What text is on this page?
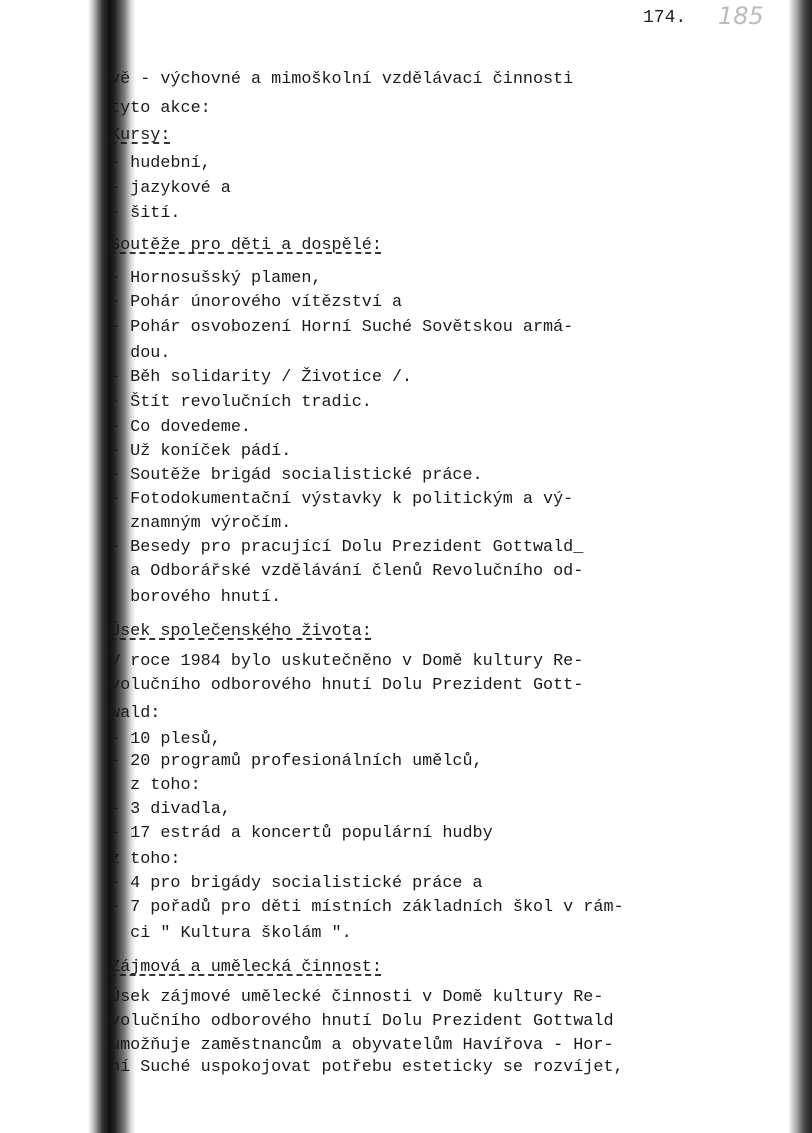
174. 185
vě - výchovné a mimoškolní vzdělávací činnosti
tyto akce:
Kursy:
- hudební,
- jazykové a
- šití.
Soutěže pro děti a dospělé:
- Hornosušský plamen,
- Pohár únorového vítězství a
- Pohár osvobození Horní Suché Sovětskou armá-
dou.
- Běh solidarity / Životice /.
- Štít revolučních tradic.
- Co dovedeme.
- Už koníček pádí.
- Soutěže brigád socialistické práce.
- Fotodokumentační výstavky k politickým a vý-
znamným výročím.
- Besedy pro pracující Dolu Prezident Gottwald_
a Odborářské vzdělávání členů Revolučního od-
borového hnutí.
Úsek společenského života:
V roce 1984 bylo uskutečněno v Domě kultury Re-
volučního odborového hnutí Dolu Prezident Gott-
wald:
- 10 plesů,
- 20 programů profesionálních umělců,
z toho:
- 3 divadla,
- 17 estrád a koncertů populární hudby
z toho:
- 4 pro brigády socialistické práce a
- 7 pořadů pro děti místních základních škol v rám-
ci " Kultura školám ".
Zájmová a umělecká činnost:
Úsek zájmové umělecké činnosti v Domě kultury Re-
volučního odborového hnutí Dolu Prezident Gottwald
umožňuje zaměstnancům a obyvatelům Havířova - Hor-
ní Suché uspokojovat potřebu esteticky se rozvíjet,
